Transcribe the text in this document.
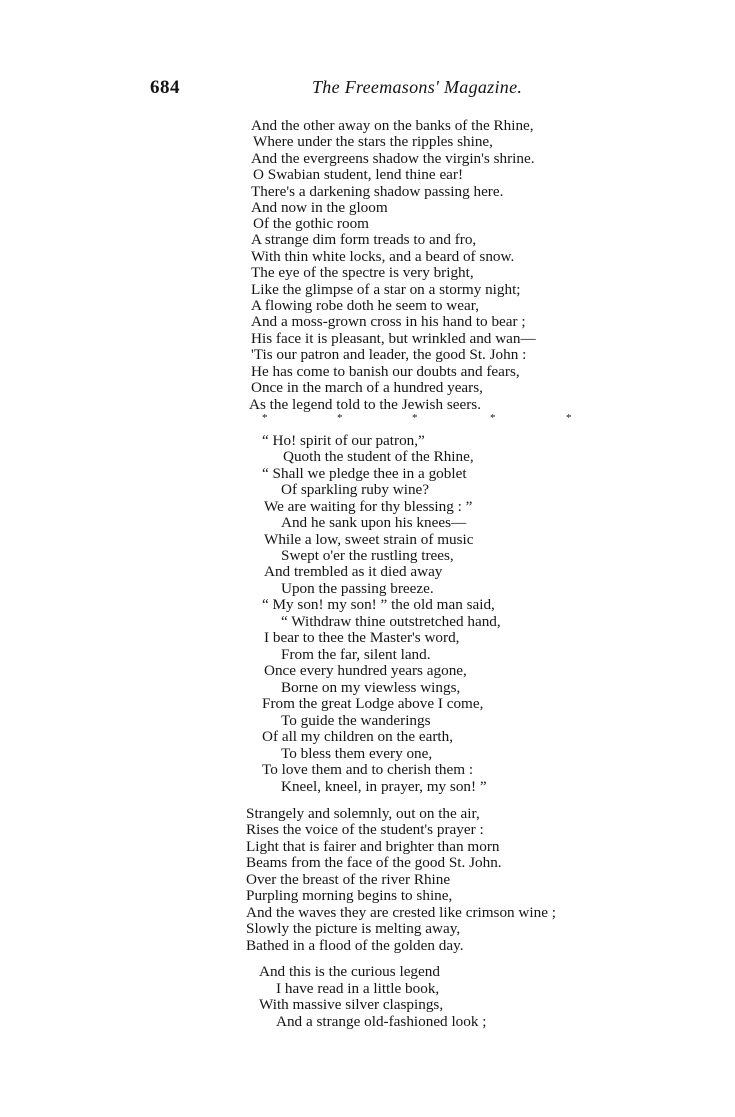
684	The Freemasons' Magazine.
And the other away on the banks of the Rhine,
Where under the stars the ripples shine,
And the evergreens shadow the virgin's shrine.
O Swabian student, lend thine ear!
There's a darkening shadow passing here.
And now in the gloom
Of the gothic room
A strange dim form treads to and fro,
With thin white locks, and a beard of snow.
The eye of the spectre is very bright,
Like the glimpse of a star on a stormy night;
A flowing robe doth he seem to wear,
And a moss-grown cross in his hand to bear ;
His face it is pleasant, but wrinkled and wan—
'Tis our patron and leader, the good St. John :
He has come to banish our doubts and fears,
Once in the march of a hundred years,
As the legend told to the Jewish seers.
*	*	*	*	*
“ Ho! spirit of our patron,”
Quoth the student of the Rhine,
“ Shall we pledge thee in a goblet
Of sparkling ruby wine?
We are waiting for thy blessing : ”
And he sank upon his knees—
While a low, sweet strain of music
Swept o'er the rustling trees,
And trembled as it died away
Upon the passing breeze.
“ My son! my son! ” the old man said,
“ Withdraw thine outstretched hand,
I bear to thee the Master's word,
From the far, silent land.
Once every hundred years agone,
Borne on my viewless wings,
From the great Lodge above I come,
To guide the wanderings
Of all my children on the earth,
To bless them every one,
To love them and to cherish them :
Kneel, kneel, in prayer, my son! ”
Strangely and solemnly, out on the air,
Rises the voice of the student's prayer :
Light that is fairer and brighter than morn
Beams from the face of the good St. John.
Over the breast of the river Rhine
Purpling morning begins to shine,
And the waves they are crested like crimson wine ;
Slowly the picture is melting away,
Bathed in a flood of the golden day.
And this is the curious legend
I have read in a little book,
With massive silver claspings,
And a strange old-fashioned look ;
